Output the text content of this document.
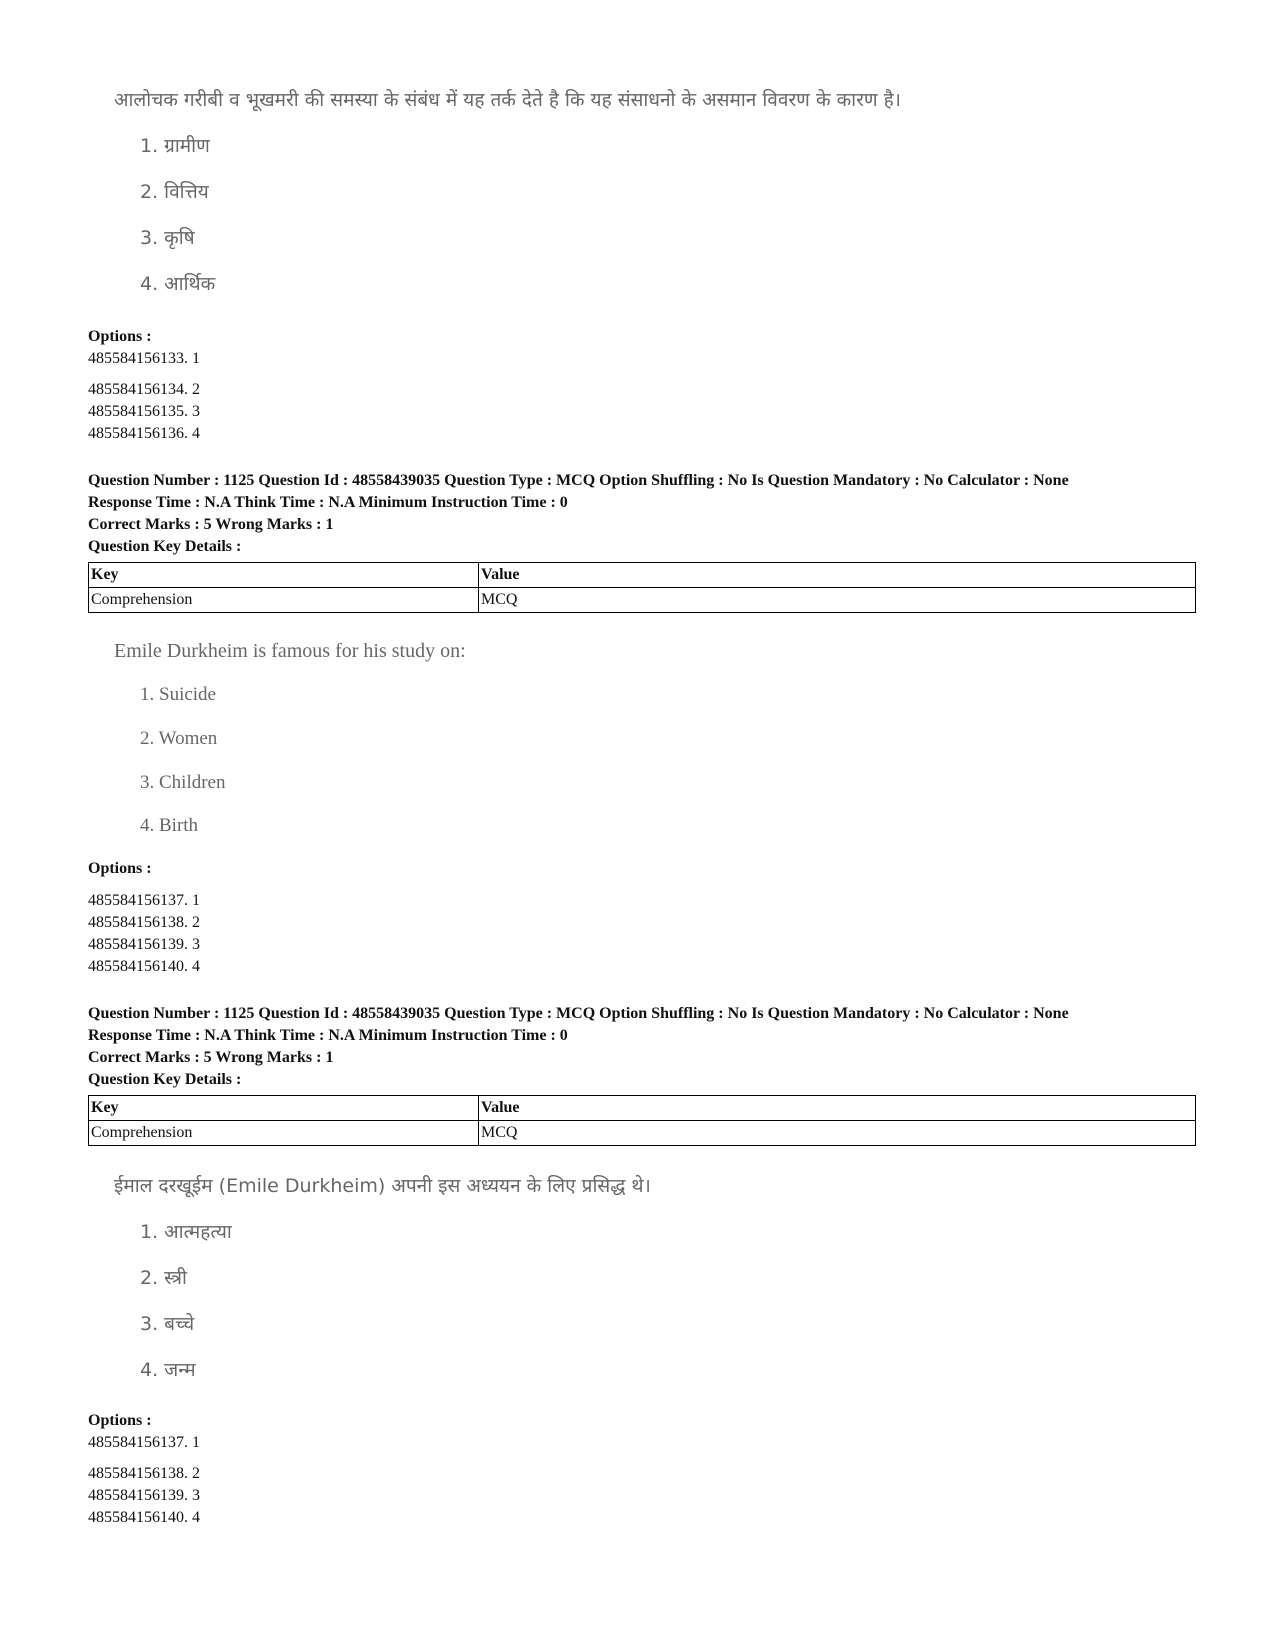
आलोचक गरीबी व भूखमरी की समस्या के संबंध में यह तर्क देते है कि यह संसाधनो के असमान विवरण के कारण है।
1. ग्रामीण
2. वित्तिय
3. कृषि
4. आर्थिक
Options :
485584156133. 1
485584156134. 2
485584156135. 3
485584156136. 4
Question Number : 1125 Question Id : 48558439035 Question Type : MCQ Option Shuffling : No Is Question Mandatory : No Calculator : None
Response Time : N.A Think Time : N.A Minimum Instruction Time : 0
Correct Marks : 5 Wrong Marks : 1
Question Key Details :
Key	Value
Comprehension	MCQ
Emile Durkheim is famous for his study on:
1. Suicide
2. Women
3. Children
4. Birth
Options :
485584156137. 1
485584156138. 2
485584156139. 3
485584156140. 4
Question Number : 1125 Question Id : 48558439035 Question Type : MCQ Option Shuffling : No Is Question Mandatory : No Calculator : None
Response Time : N.A Think Time : N.A Minimum Instruction Time : 0
Correct Marks : 5 Wrong Marks : 1
Question Key Details :
Key	Value
Comprehension	MCQ
ईमाल दरखूईम (Emile Durkheim) अपनी इस अध्ययन के लिए प्रसिद्ध थे।
1. आत्महत्या
2. स्त्री
3. बच्चे
4. जन्म
Options :
485584156137. 1
485584156138. 2
485584156139. 3
485584156140. 4
